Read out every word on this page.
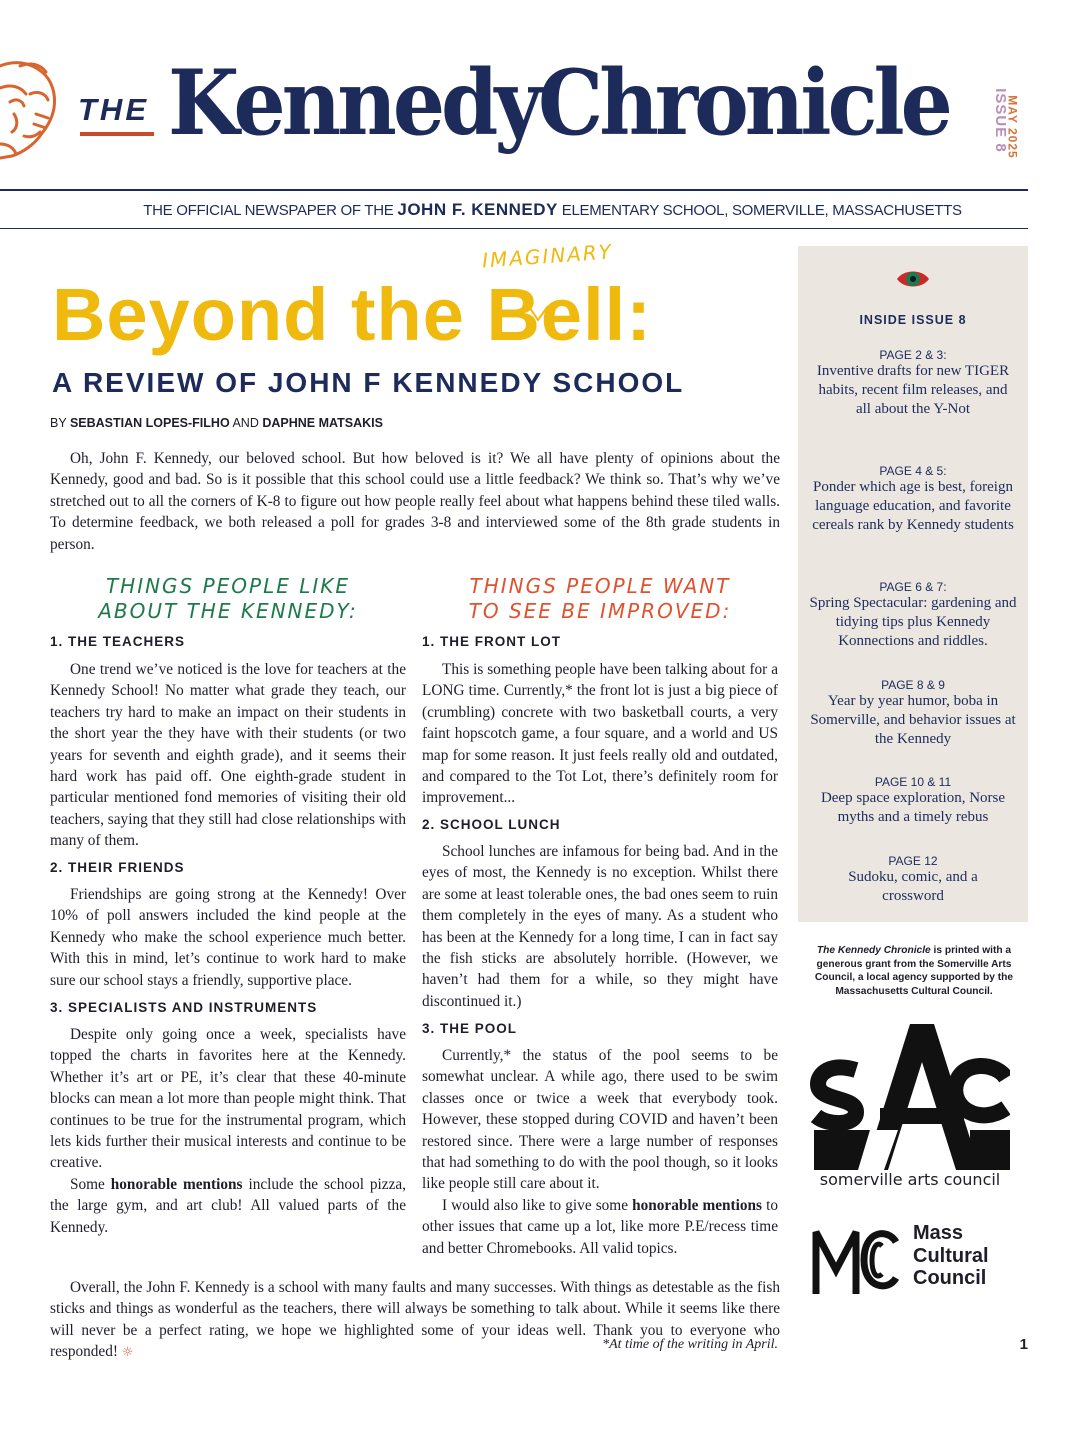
THE KennedyChronicle	ISSUE 8
MAY 2025
THE OFFICIAL NEWSPAPER OF THE JOHN F. KENNEDY ELEMENTARY SCHOOL, SOMERVILLE, MASSACHUSETTS
IMAGINARY
Beyond the Bell:
A REVIEW OF JOHN F KENNEDY SCHOOL
BY SEBASTIAN LOPES-FILHO AND DAPHNE MATSAKIS

Oh, John F. Kennedy, our beloved school. But how beloved is it? We all have plenty of opinions about the Kennedy, good and bad. So is it possible that this school could use a little feedback? We think so. That’s why we’ve stretched out to all the corners of K-8 to figure out how people really feel about what happens behind these tiled walls. To determine feedback, we both released a poll for grades 3-8 and interviewed some of the 8th grade students in person.

THINGS PEOPLE LIKE
ABOUT THE KENNEDY:
1. THE TEACHERS

One trend we’ve noticed is the love for teachers at the Kennedy School! No matter what grade they teach, our teachers try hard to make an impact on their students in the short year the they have with their students (or two years for seventh and eighth grade), and it seems their hard work has paid off. One eighth-grade student in particular mentioned fond memories of visiting their old teachers, saying that they still had close relationships with many of them.

2. THEIR FRIENDS

Friendships are going strong at the Kennedy! Over 10% of poll answers included the kind people at the Kennedy who make the school experience much better. With this in mind, let’s continue to work hard to make sure our school stays a friendly, supportive place.

3. SPECIALISTS AND INSTRUMENTS

Despite only going once a week, specialists have topped the charts in favorites here at the Kennedy. Whether it’s art or PE, it’s clear that these 40-minute blocks can mean a lot more than people might think. That continues to be true for the instrumental program, which lets kids further their musical interests and continue to be creative.

Some honorable mentions include the school pizza, the large gym, and art club! All valued parts of the Kennedy.

THINGS PEOPLE WANT
TO SEE BE IMPROVED:
1. THE FRONT LOT

This is something people have been talking about for a LONG time. Currently,* the front lot is just a big piece of (crumbling) concrete with two basketball courts, a very faint hopscotch game, a four square, and a world and US map for some reason. It just feels really old and outdated, and compared to the Tot Lot, there’s definitely room for improvement...

2. SCHOOL LUNCH

School lunches are infamous for being bad. And in the eyes of most, the Kennedy is no exception. Whilst there are some at least tolerable ones, the bad ones seem to ruin them completely in the eyes of many. As a student who has been at the Kennedy for a long time, I can in fact say the fish sticks are absolutely horrible. (However, we haven’t had them for a while, so they might have discontinued it.)

3. THE POOL

Currently,* the status of the pool seems to be somewhat unclear. A while ago, there used to be swim classes once or twice a week that everybody took. However, these stopped during COVID and haven’t been restored since. There were a large number of responses that had something to do with the pool though, so it looks like people still care about it.

I would also like to give some honorable mentions to other issues that came up a lot, like more P.E/recess time and better Chromebooks. All valid topics.

Overall, the John F. Kennedy is a school with many faults and many successes. With things as detestable as the fish sticks and things as wonderful as the teachers, there will always be something to talk about. While it seems like there will never be a perfect rating, we hope we highlighted some of your ideas well. Thank you to everyone who responded! ☼

*At time of the writing in April.	1
INSIDE ISSUE 8
PAGE 2 & 3:
Inventive drafts for new TIGER habits, recent film releases, and all about the Y-Not
PAGE 4 & 5:
Ponder which age is best, foreign language education, and favorite cereals rank by Kennedy students
PAGE 6 & 7:
Spring Spectacular: gardening and tidying tips plus Kennedy Konnections and riddles.
PAGE 8 & 9
Year by year humor, boba in Somerville, and behavior issues at the Kennedy
PAGE 10 & 11
Deep space exploration, Norse myths and a timely rebus
PAGE 12
Sudoku, comic, and a crossword
The Kennedy Chronicle is printed with a generous grant from the Somerville Arts Council, a local agency supported by the Massachusetts Cultural Council.
somerville arts council
Mass
Cultural
Council
